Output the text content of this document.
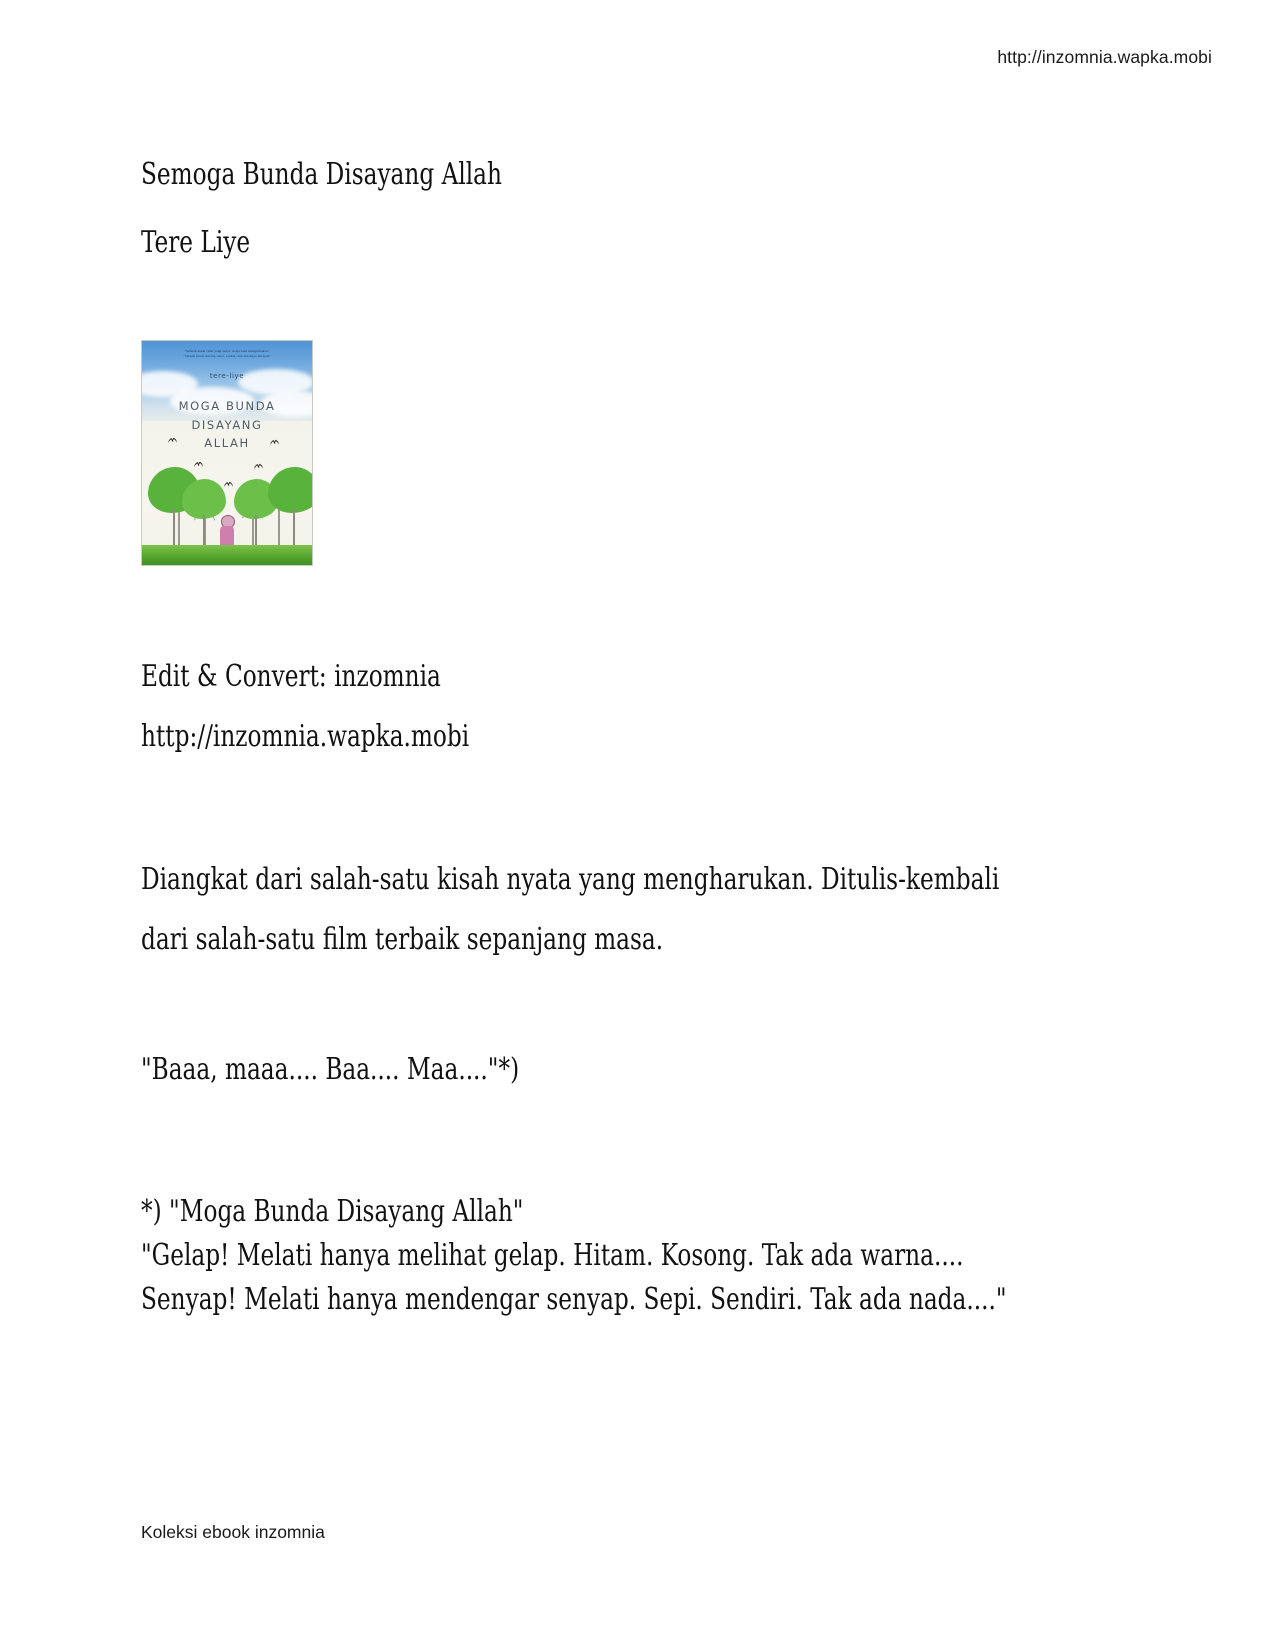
http://inzomnia.wapka.mobi
Semoga Bunda Disayang Allah
Tere Liye
"Sebuah kisah cinta yang sunyi, tetapi kuat mengharukan"
"Sebuah kisah tentang sabar, syukur, dan indahnya harapan"
tere-liye
MOGA BUNDA
DISAYANG
ALLAH
Edit & Convert: inzomnia
http://inzomnia.wapka.mobi
Diangkat dari salah-satu kisah nyata yang mengharukan. Ditulis-kembali
dari salah-satu film terbaik sepanjang masa.
"Baaa, maaa.... Baa.... Maa...."*)
*) "Moga Bunda Disayang Allah"
"Gelap! Melati hanya melihat gelap. Hitam. Kosong. Tak ada warna....
Senyap! Melati hanya mendengar senyap. Sepi. Sendiri. Tak ada nada...."
Koleksi ebook inzomnia
